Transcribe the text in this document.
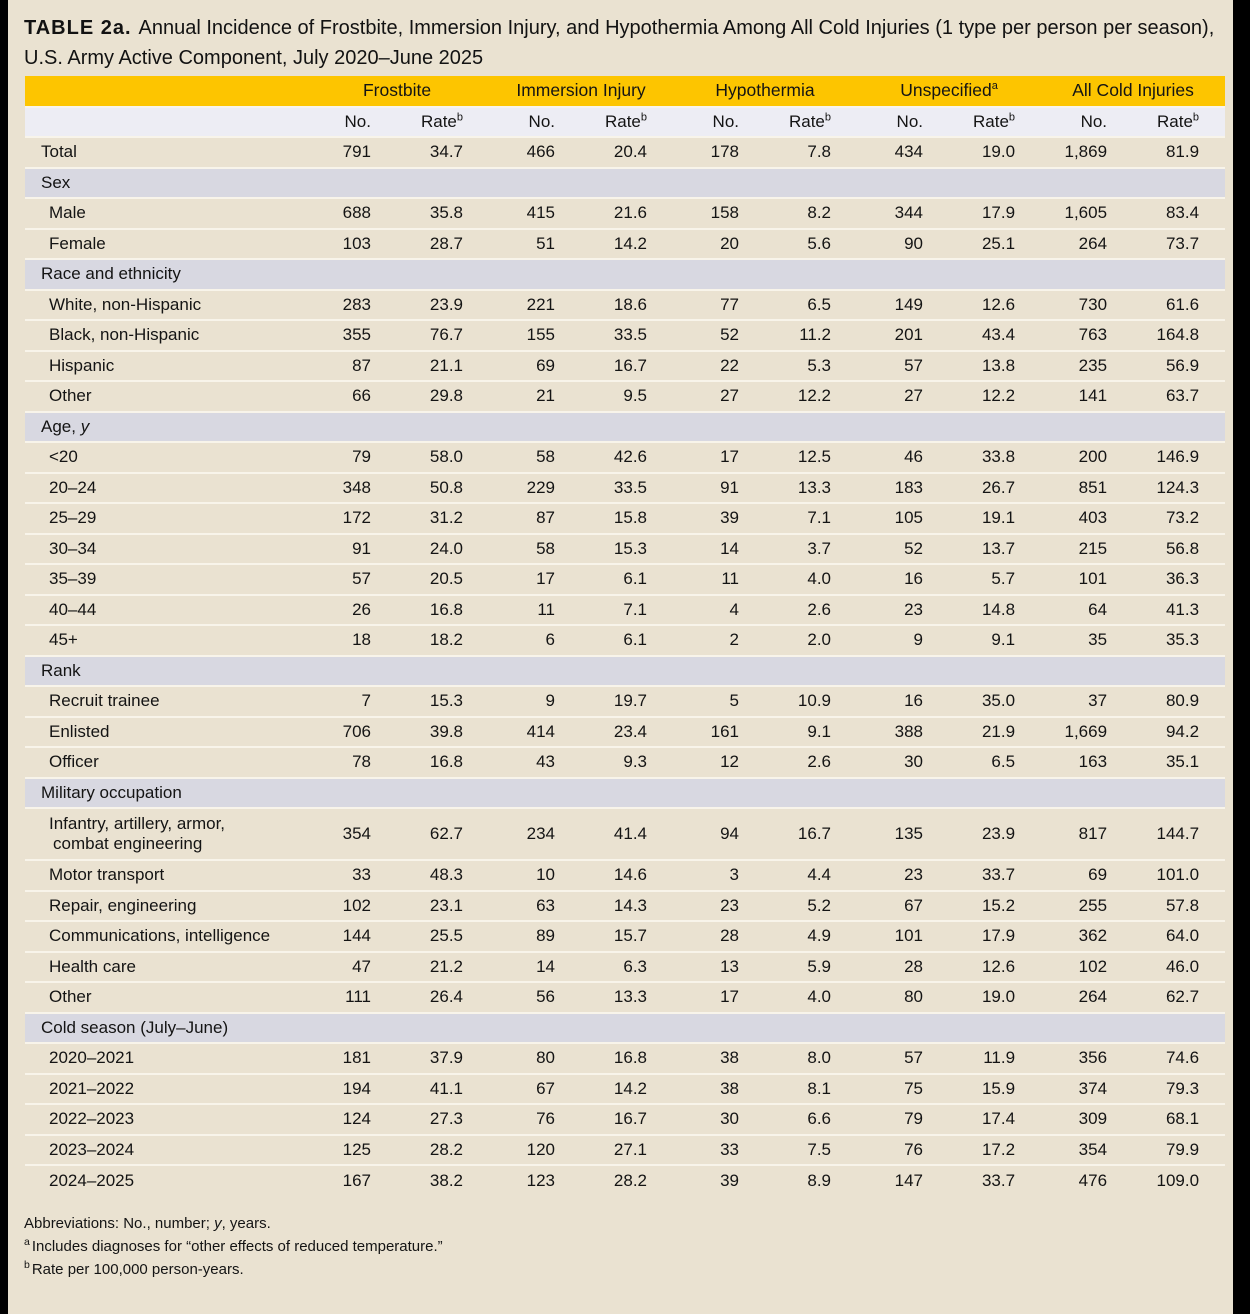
TABLE 2a. Annual Incidence of Frostbite, Immersion Injury, and Hypothermia Among All Cold Injuries (1 type per person per season),
U.S. Army Active Component, July 2020–June 2025
	Frostbite		Immersion Injury		Hypothermia		Unspecified$^a$		All Cold Injuries	
	No.	Rate$^b$	No.	Rate$^b$	No.	Rate$^b$	No.	Rate$^b$	No.	Rate$^b$
Total	791	34.7	466	20.4	178	7.8	434	19.0	1,869	81.9
Sex										
Male	688	35.8	415	21.6	158	8.2	344	17.9	1,605	83.4
Female	103	28.7	51	14.2	20	5.6	90	25.1	264	73.7
Race and ethnicity										
White, non-Hispanic	283	23.9	221	18.6	77	6.5	149	12.6	730	61.6
Black, non-Hispanic	355	76.7	155	33.5	52	11.2	201	43.4	763	164.8
Hispanic	87	21.1	69	16.7	22	5.3	57	13.8	235	56.9
Other	66	29.8	21	9.5	27	12.2	27	12.2	141	63.7
Age, y										
<20	79	58.0	58	42.6	17	12.5	46	33.8	200	146.9
20–24	348	50.8	229	33.5	91	13.3	183	26.7	851	124.3
25–29	172	31.2	87	15.8	39	7.1	105	19.1	403	73.2
30–34	91	24.0	58	15.3	14	3.7	52	13.7	215	56.8
35–39	57	20.5	17	6.1	11	4.0	16	5.7	101	36.3
40–44	26	16.8	11	7.1	4	2.6	23	14.8	64	41.3
45+	18	18.2	6	6.1	2	2.0	9	9.1	35	35.3
Rank										
Recruit trainee	7	15.3	9	19.7	5	10.9	16	35.0	37	80.9
Enlisted	706	39.8	414	23.4	161	9.1	388	21.9	1,669	94.2
Officer	78	16.8	43	9.3	12	2.6	30	6.5	163	35.1
Military occupation										
Infantry, artillery, armor,
combat engineering	354	62.7	234	41.4	94	16.7	135	23.9	817	144.7
Motor transport	33	48.3	10	14.6	3	4.4	23	33.7	69	101.0
Repair, engineering	102	23.1	63	14.3	23	5.2	67	15.2	255	57.8
Communications, intelligence	144	25.5	89	15.7	28	4.9	101	17.9	362	64.0
Health care	47	21.2	14	6.3	13	5.9	28	12.6	102	46.0
Other	111	26.4	56	13.3	17	4.0	80	19.0	264	62.7
Cold season (July–June)										
2020–2021	181	37.9	80	16.8	38	8.0	57	11.9	356	74.6
2021–2022	194	41.1	67	14.2	38	8.1	75	15.9	374	79.3
2022–2023	124	27.3	76	16.7	30	6.6	79	17.4	309	68.1
2023–2024	125	28.2	120	27.1	33	7.5	76	17.2	354	79.9
2024–2025	167	38.2	123	28.2	39	8.9	147	33.7	476	109.0
Abbreviations: No., number; y, years.
$^a$ Includes diagnoses for “other effects of reduced temperature.”
$^b$ Rate per 100,000 person-years.
